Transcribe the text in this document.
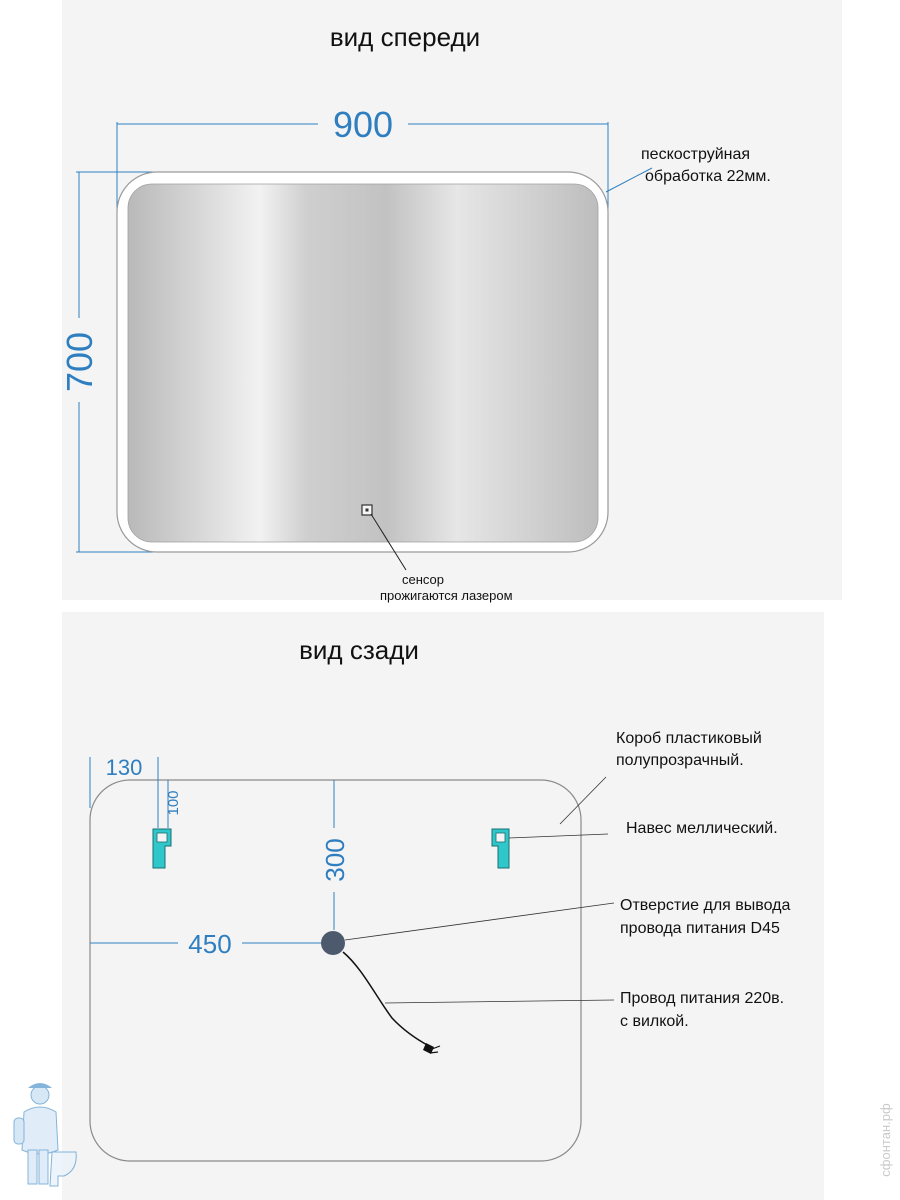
вид спереди
900
700
сенсор
прожигаются лазером
пескоструйная
обработка 22мм.
вид сзади
130
100
300
450
Короб пластиковый
полупрозрачный.
Навес меллический.
Отверстие для вывода
провода питания D45
Провод питания 220в.
с вилкой.
сфонтан.рф
